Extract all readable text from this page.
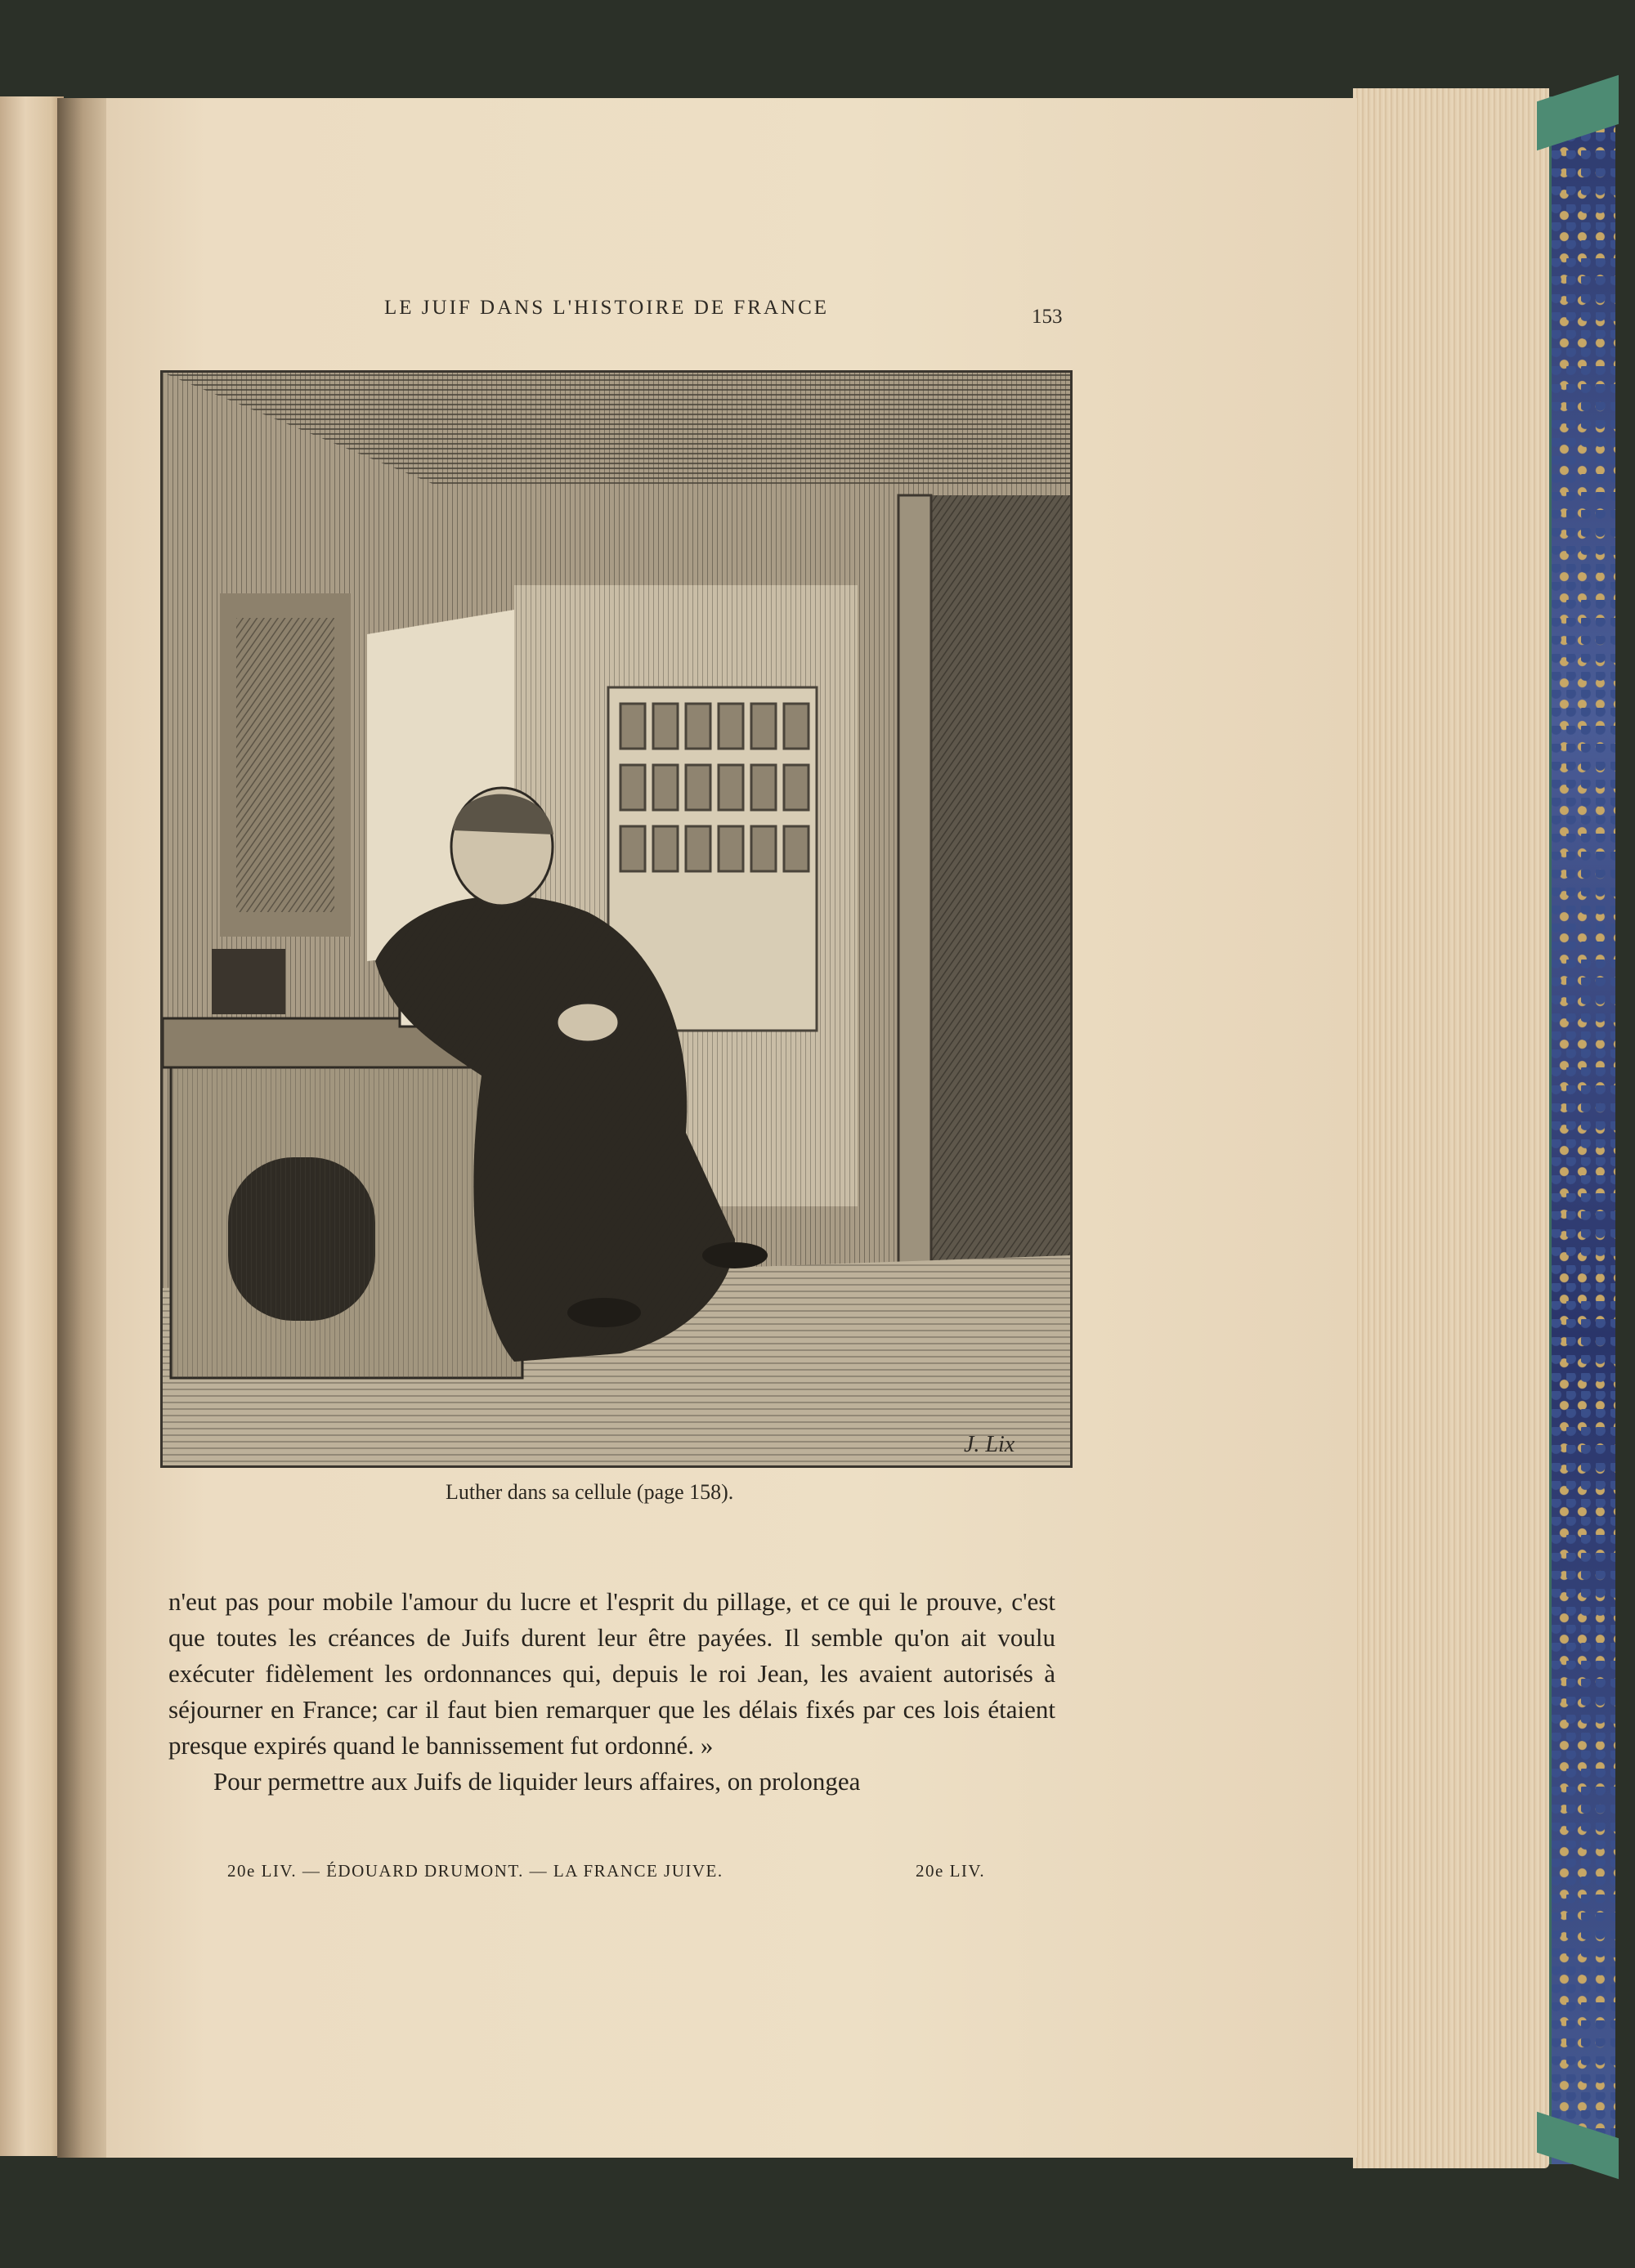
LE JUIF DANS L'HISTOIRE DE FRANCE	153
J. Lix
Luther dans sa cellule (page 158).

n'eut pas pour mobile l'amour du lucre et l'esprit du pillage, et ce qui le prouve, c'est que toutes les créances de Juifs durent leur être payées. Il semble qu'on ait voulu exécuter fidèlement les ordonnances qui, depuis le roi Jean, les avaient autorisés à séjourner en France; car il faut bien remarquer que les délais fixés par ces lois étaient presque expirés quand le bannissement fut ordonné. »

Pour permettre aux Juifs de liquider leurs affaires, on prolongea

20e LIV. — ÉDOUARD DRUMONT. — LA FRANCE JUIVE.	20e LIV.
